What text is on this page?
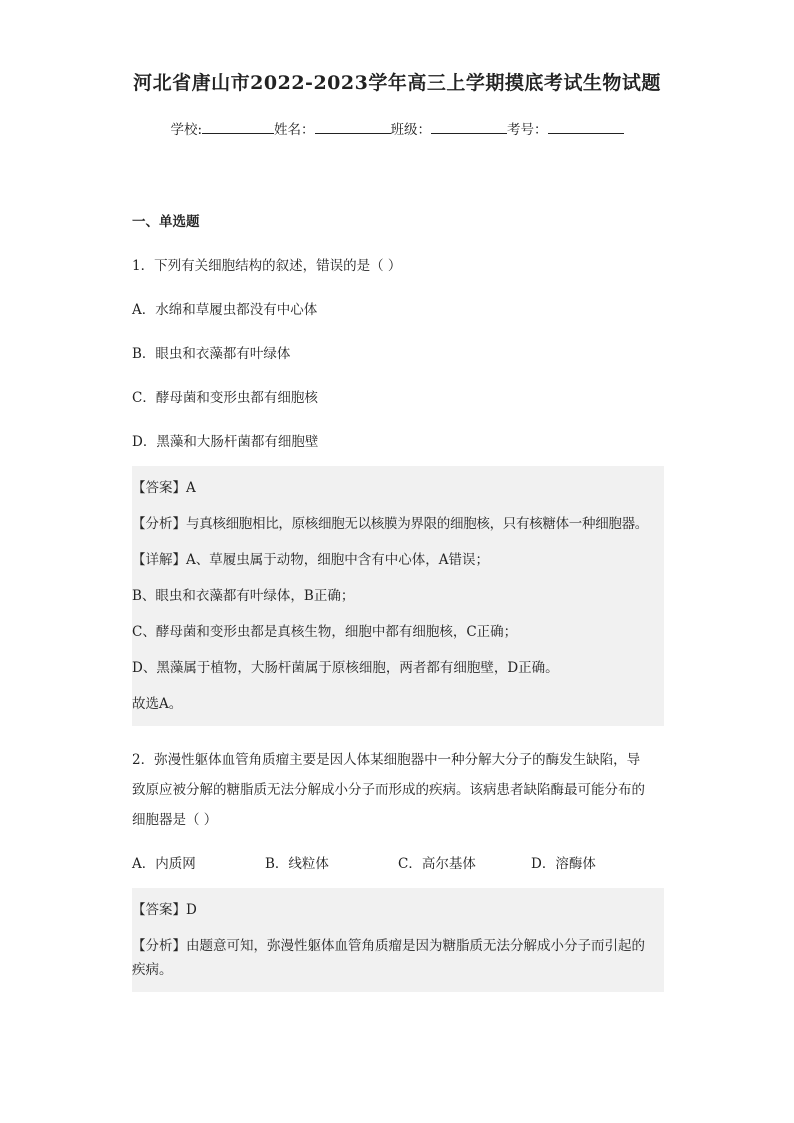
河北省唐山市2022-2023学年高三上学期摸底考试生物试题
学校:	姓名：	班级：	考号：
一、单选题
1．下列有关细胞结构的叙述，错误的是（ ）
A．水绵和草履虫都没有中心体
B．眼虫和衣藻都有叶绿体
C．酵母菌和变形虫都有细胞核
D．黑藻和大肠杆菌都有细胞壁
【答案】A
【分析】与真核细胞相比，原核细胞无以核膜为界限的细胞核，只有核糖体一种细胞器。
【详解】A、草履虫属于动物，细胞中含有中心体，A错误；
B、眼虫和衣藻都有叶绿体，B正确；
C、酵母菌和变形虫都是真核生物，细胞中都有细胞核，C正确；
D、黑藻属于植物，大肠杆菌属于原核细胞，两者都有细胞壁，D正确。
故选A。
2．弥漫性躯体血管角质瘤主要是因人体某细胞器中一种分解大分子的酶发生缺陷，导
致原应被分解的糖脂质无法分解成小分子而形成的疾病。该病患者缺陷酶最可能分布的
细胞器是（ ）
A．内质网	B．线粒体	C．高尔基体	D．溶酶体
【答案】D
【分析】由题意可知，弥漫性躯体血管角质瘤是因为糖脂质无法分解成小分子而引起的
疾病。
